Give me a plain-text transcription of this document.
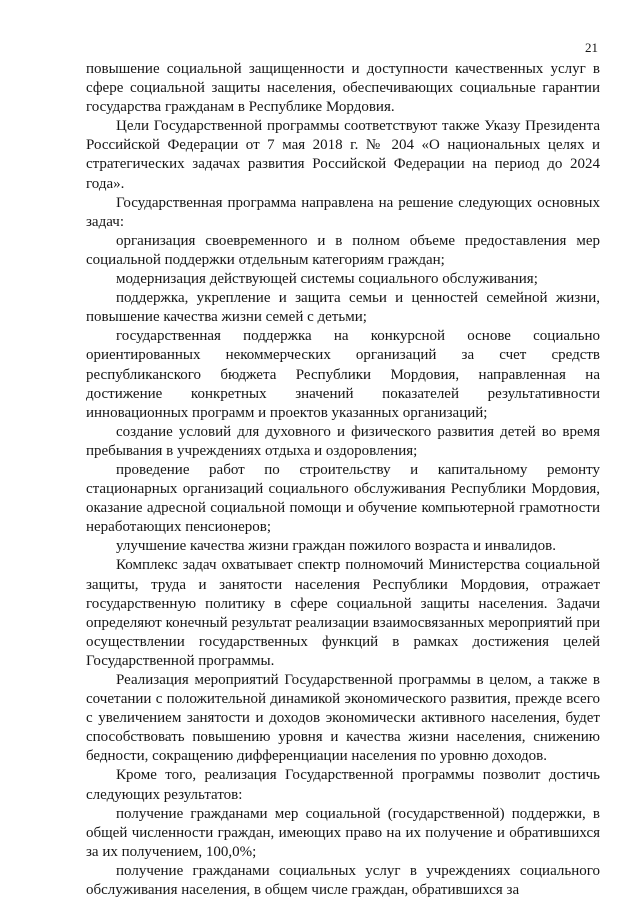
21

повышение социальной защищенности и доступности качественных услуг в сфере социальной защиты населения, обеспечивающих социальные гарантии государства гражданам в Республике Мордовия.

Цели Государственной программы соответствуют также Указу Президента Российской Федерации от 7 мая 2018 г. № 204 «О национальных целях и стратегических задачах развития Российской Федерации на период до 2024 года».

Государственная программа направлена на решение следующих основных задач:

организация своевременного и в полном объеме предоставления мер социальной поддержки отдельным категориям граждан;

модернизация действующей системы социального обслуживания;

поддержка, укрепление и защита семьи и ценностей семейной жизни, повышение качества жизни семей с детьми;

государственная поддержка на конкурсной основе социально ориентированных некоммерческих организаций за счет средств республиканского бюджета Республики Мордовия, направленная на достижение конкретных значений показателей результативности инновационных программ и проектов указанных организаций;

создание условий для духовного и физического развития детей во время пребывания в учреждениях отдыха и оздоровления;

проведение работ по строительству и капитальному ремонту стационарных организаций социального обслуживания Республики Мордовия, оказание адресной социальной помощи и обучение компьютерной грамотности неработающих пенсионеров;

улучшение качества жизни граждан пожилого возраста и инвалидов.

Комплекс задач охватывает спектр полномочий Министерства социальной защиты, труда и занятости населения Республики Мордовия, отражает государственную политику в сфере социальной защиты населения. Задачи определяют конечный результат реализации взаимосвязанных мероприятий при осуществлении государственных функций в рамках достижения целей Государственной программы.

Реализация мероприятий Государственной программы в целом, а также в сочетании с положительной динамикой экономического развития, прежде всего с увеличением занятости и доходов экономически активного населения, будет способствовать повышению уровня и качества жизни населения, снижению бедности, сокращению дифференциации населения по уровню доходов.

Кроме того, реализация Государственной программы позволит достичь следующих результатов:

получение гражданами мер социальной (государственной) поддержки, в общей численности граждан, имеющих право на их получение и обратившихся за их получением, 100,0%;

получение гражданами социальных услуг в учреждениях социального обслуживания населения, в общем числе граждан, обратившихся за
